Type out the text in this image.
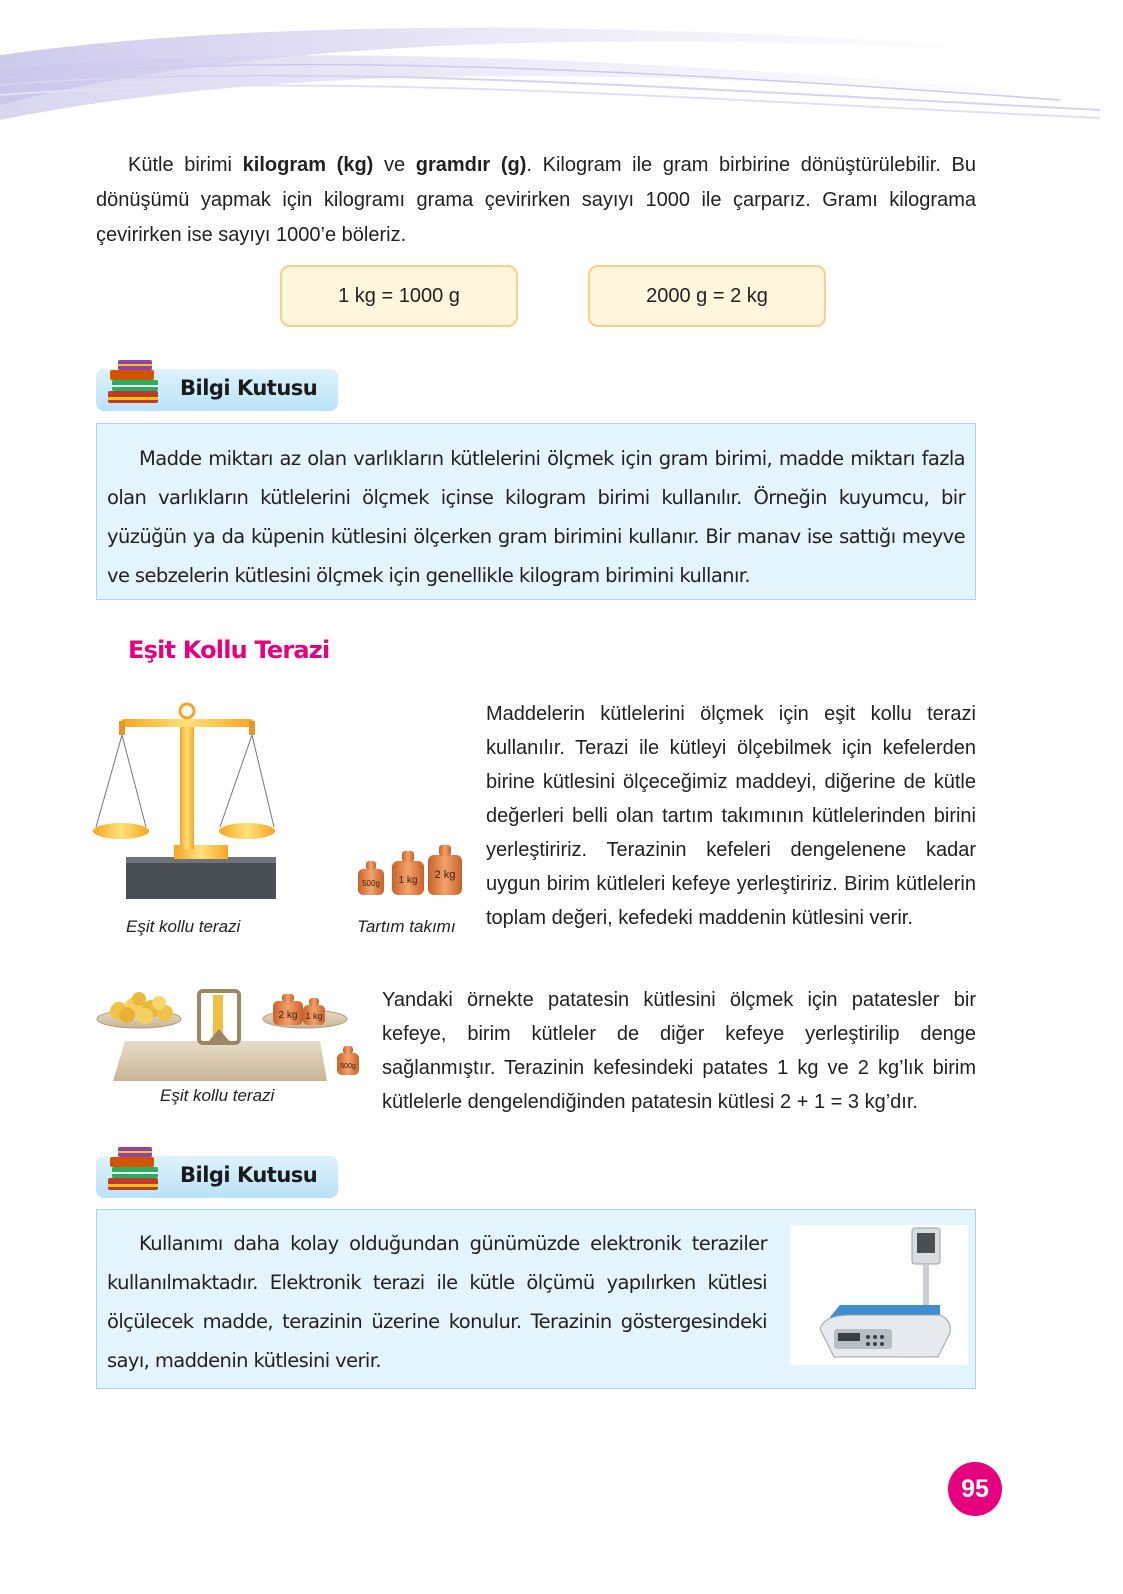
Kütle birimi kilogram (kg) ve gramdır (g). Kilogram ile gram birbirine dönüştürülebilir. Bu dönüşümü yapmak için kilogramı grama çevirirken sayıyı 1000 ile çarparız. Gramı kilograma çevirirken ise sayıyı 1000’e böleriz.

1 kg = 1000 g	2000 g = 2 kg
Bilgi Kutusu

Madde miktarı az olan varlıkların kütlelerini ölçmek için gram birimi, madde miktarı fazla olan varlıkların kütlelerini ölçmek içinse kilogram birimi kullanılır. Örneğin kuyumcu, bir yüzüğün ya da küpenin kütlesini ölçerken gram birimini kullanır. Bir manav ise sattığı meyve ve sebzelerin kütlesini ölçmek için genellikle kilogram birimini kullanır.

Eşit Kollu Terazi
Eşit kollu terazi
500g 1 kg 2 kg
Tartım takımı

Maddelerin kütlelerini ölçmek için eşit kollu terazi kullanılır. Terazi ile kütleyi ölçebilmek için kefelerden birine kütlesini ölçeceğimiz maddeyi, diğerine de kütle değerleri belli olan tartım takımının kütlelerinden birini yerleştiririz. Terazinin kefeleri dengelenene kadar uygun birim kütleleri kefeye yerleştiririz. Birim kütlelerin toplam değeri, kefedeki maddenin kütlesini verir.

2 kg 1 kg
500g
Eşit kollu terazi

Yandaki örnekte patatesin kütlesini ölçmek için patatesler bir kefeye, birim kütleler de diğer kefeye yerleştirilip denge sağlanmıştır. Terazinin kefesindeki patates 1 kg ve 2 kg’lık birim kütlelerle dengelendiğinden patatesin kütlesi 2 + 1 = 3 kg’dır.

Bilgi Kutusu

Kullanımı daha kolay olduğundan günümüzde elektronik teraziler kullanılmaktadır. Elektronik terazi ile kütle ölçümü yapılırken kütlesi ölçülecek madde, terazinin üzerine konulur. Terazinin göstergesindeki sayı, maddenin kütlesini verir.

95
